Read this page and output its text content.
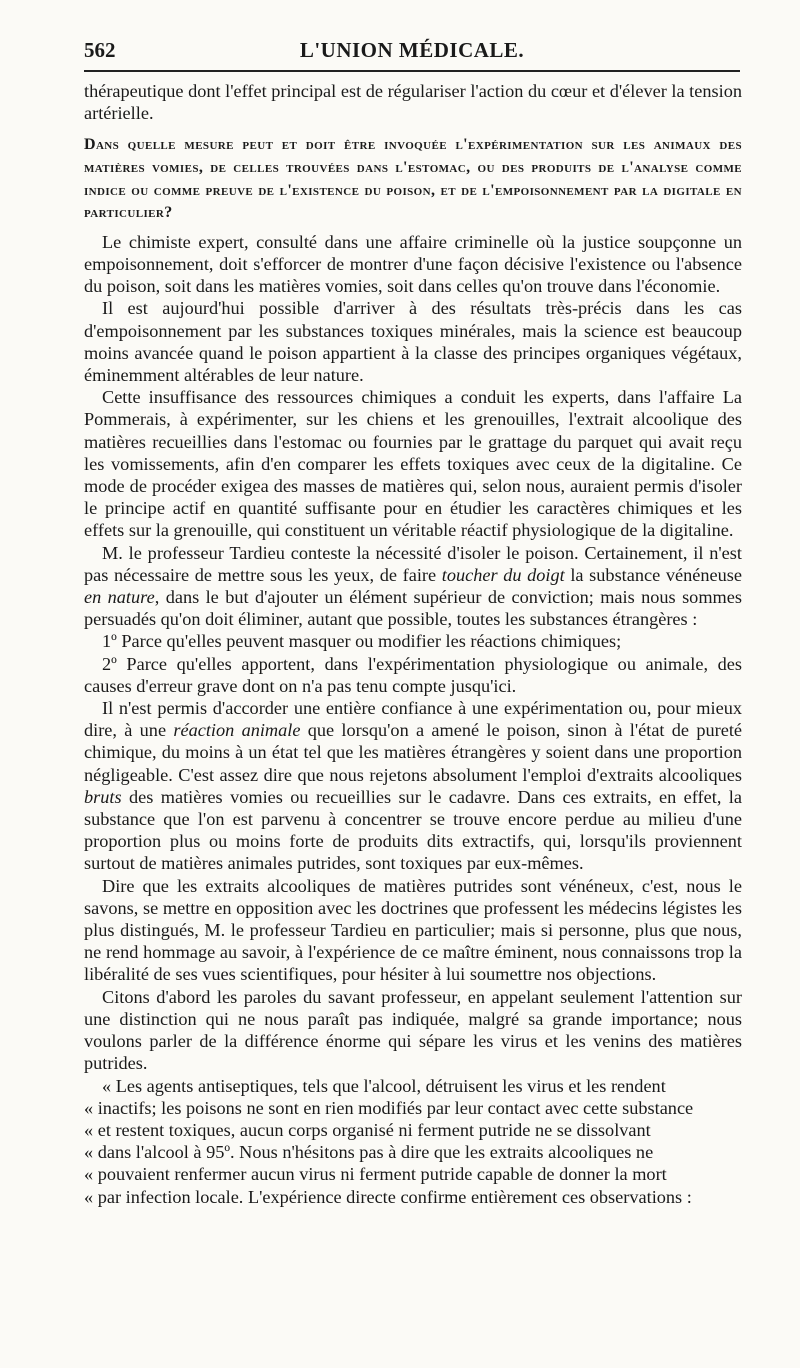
562	L'UNION MÉDICALE.

thérapeutique dont l'effet principal est de régulariser l'action du cœur et d'élever la tension artérielle.

Dans quelle mesure peut et doit être invoquée l'expérimentation sur les animaux des matières vomies, de celles trouvées dans l'estomac, ou des produits de l'analyse comme indice ou comme preuve de l'existence du poison, et de l'empoisonnement par la digitale en particulier?

Le chimiste expert, consulté dans une affaire criminelle où la justice soupçonne un empoisonnement, doit s'efforcer de montrer d'une façon décisive l'existence ou l'absence du poison, soit dans les matières vomies, soit dans celles qu'on trouve dans l'économie.

Il est aujourd'hui possible d'arriver à des résultats très-précis dans les cas d'empoisonnement par les substances toxiques minérales, mais la science est beaucoup moins avancée quand le poison appartient à la classe des principes organiques végétaux, éminemment altérables de leur nature.

Cette insuffisance des ressources chimiques a conduit les experts, dans l'affaire La Pommerais, à expérimenter, sur les chiens et les grenouilles, l'extrait alcoolique des matières recueillies dans l'estomac ou fournies par le grattage du parquet qui avait reçu les vomissements, afin d'en comparer les effets toxiques avec ceux de la digitaline. Ce mode de procéder exigea des masses de matières qui, selon nous, auraient permis d'isoler le principe actif en quantité suffisante pour en étudier les caractères chimiques et les effets sur la grenouille, qui constituent un véritable réactif physiologique de la digitaline.

M. le professeur Tardieu conteste la nécessité d'isoler le poison. Certainement, il n'est pas nécessaire de mettre sous les yeux, de faire toucher du doigt la substance vénéneuse en nature, dans le but d'ajouter un élément supérieur de conviction; mais nous sommes persuadés qu'on doit éliminer, autant que possible, toutes les substances étrangères :

1º Parce qu'elles peuvent masquer ou modifier les réactions chimiques;

2º Parce qu'elles apportent, dans l'expérimentation physiologique ou animale, des causes d'erreur grave dont on n'a pas tenu compte jusqu'ici.

Il n'est permis d'accorder une entière confiance à une expérimentation ou, pour mieux dire, à une réaction animale que lorsqu'on a amené le poison, sinon à l'état de pureté chimique, du moins à un état tel que les matières étrangères y soient dans une proportion négligeable. C'est assez dire que nous rejetons absolument l'emploi d'extraits alcooliques bruts des matières vomies ou recueillies sur le cadavre. Dans ces extraits, en effet, la substance que l'on est parvenu à concentrer se trouve encore perdue au milieu d'une proportion plus ou moins forte de produits dits extractifs, qui, lorsqu'ils proviennent surtout de matières animales putrides, sont toxiques par eux-mêmes.

Dire que les extraits alcooliques de matières putrides sont vénéneux, c'est, nous le savons, se mettre en opposition avec les doctrines que professent les médecins légistes les plus distingués, M. le professeur Tardieu en particulier; mais si personne, plus que nous, ne rend hommage au savoir, à l'expérience de ce maître éminent, nous connaissons trop la libéralité de ses vues scientifiques, pour hésiter à lui soumettre nos objections.

Citons d'abord les paroles du savant professeur, en appelant seulement l'attention sur une distinction qui ne nous paraît pas indiquée, malgré sa grande importance; nous voulons parler de la différence énorme qui sépare les virus et les venins des matières putrides.

« Les agents antiseptiques, tels que l'alcool, détruisent les virus et les rendent
« inactifs; les poisons ne sont en rien modifiés par leur contact avec cette substance
« et restent toxiques, aucun corps organisé ni ferment putride ne se dissolvant
« dans l'alcool à 95º. Nous n'hésitons pas à dire que les extraits alcooliques ne
« pouvaient renfermer aucun virus ni ferment putride capable de donner la mort
« par infection locale. L'expérience directe confirme entièrement ces observations :
